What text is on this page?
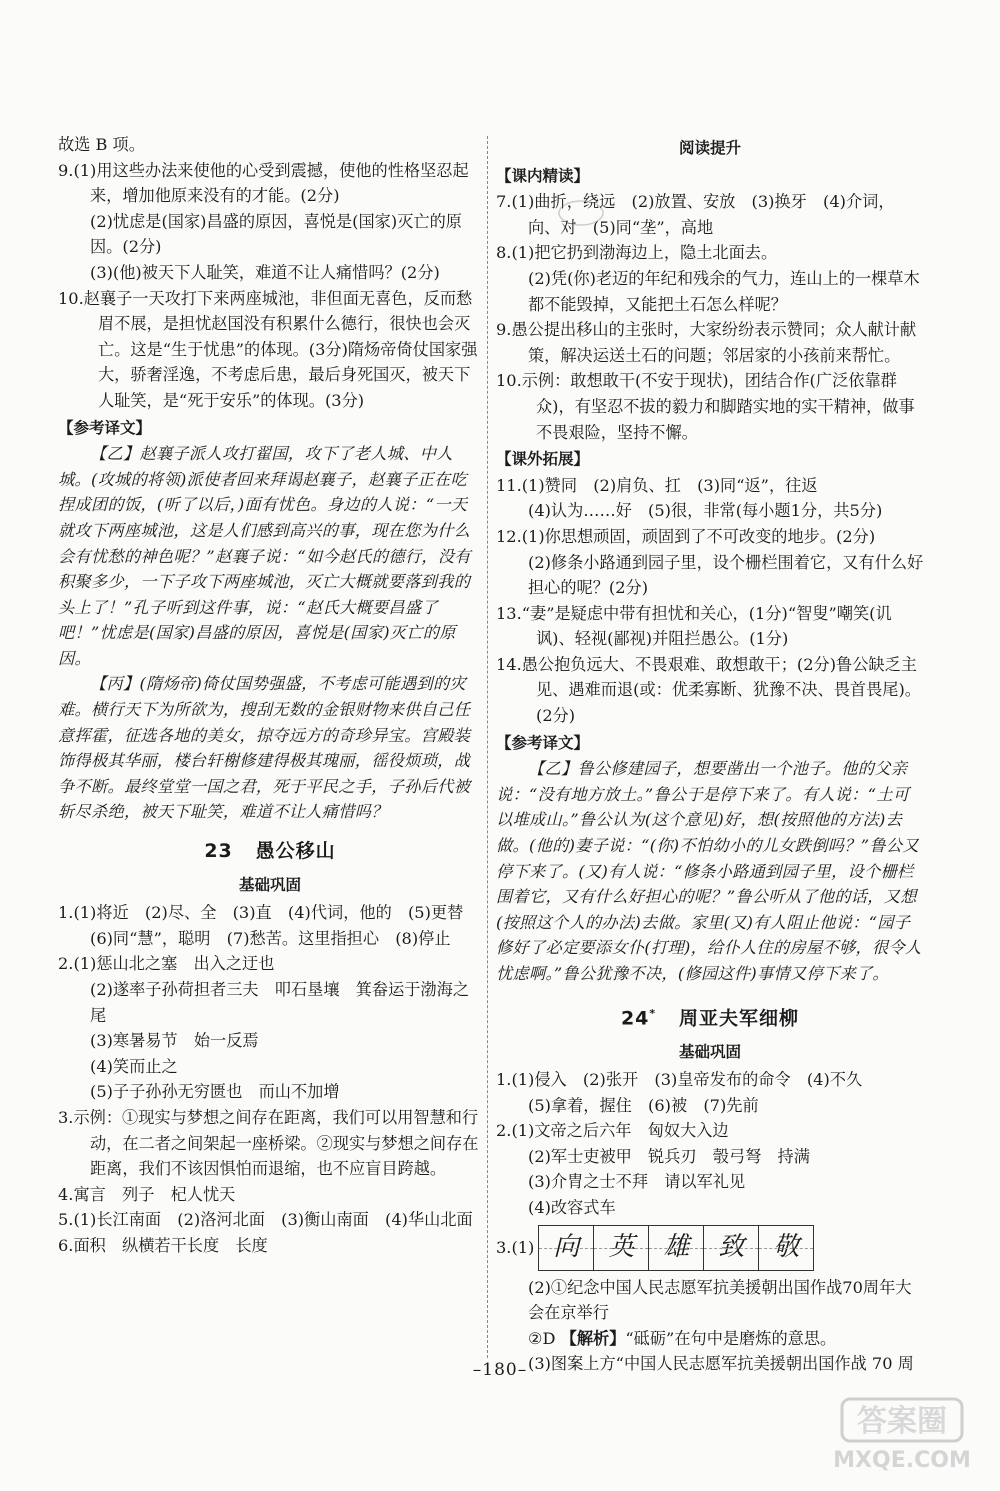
故选 B 项。

9.(1)用这些办法来使他的心受到震撼，使他的性格坚忍起来，增加他原来没有的才能。(2分)

(2)忧虑是(国家)昌盛的原因，喜悦是(国家)灭亡的原因。(2分)

(3)(他)被天下人耻笑，难道不让人痛惜吗？(2分)

10.赵襄子一天攻打下来两座城池，非但面无喜色，反而愁眉不展，是担忧赵国没有积累什么德行，很快也会灭亡。这是“生于忧患”的体现。(3分)隋炀帝倚仗国家强大，骄奢淫逸，不考虑后患，最后身死国灭，被天下人耻笑，是“死于安乐”的体现。(3分)

【参考译文】

【乙】赵襄子派人攻打翟国，攻下了老人城、中人城。(攻城的将领)派使者回来拜谒赵襄子，赵襄子正在吃捏成团的饭，(听了以后，)面有忧色。身边的人说：“一天就攻下两座城池，这是人们感到高兴的事，现在您为什么会有忧愁的神色呢？”赵襄子说：“如今赵氏的德行，没有积聚多少，一下子攻下两座城池，灭亡大概就要落到我的头上了！”孔子听到这件事，说：“赵氏大概要昌盛了吧！”忧虑是(国家)昌盛的原因，喜悦是(国家)灭亡的原因。

【丙】(隋炀帝)倚仗国势强盛，不考虑可能遇到的灾难。横行天下为所欲为，搜刮无数的金银财物来供自己任意挥霍，征选各地的美女，掠夺远方的奇珍异宝。宫殿装饰得极其华丽，楼台轩榭修建得极其瑰丽，徭役烦琐，战争不断。最终堂堂一国之君，死于平民之手，子孙后代被斩尽杀绝，被天下耻笑，难道不让人痛惜吗？

23 愚公移山
基础巩固

1.(1)将近　(2)尽、全　(3)直　(4)代词，他的　(5)更替

(6)同“慧”，聪明　(7)愁苦。这里指担心　(8)停止

2.(1)惩山北之塞　出入之迂也

(2)遂率子孙荷担者三夫　叩石垦壤　箕畚运于渤海之尾

(3)寒暑易节　始一反焉

(4)笑而止之

(5)子子孙孙无穷匮也　而山不加增

3.示例：①现实与梦想之间存在距离，我们可以用智慧和行动，在二者之间架起一座桥梁。②现实与梦想之间存在距离，我们不该因惧怕而退缩，也不应盲目跨越。

4.寓言　列子　杞人忧天

5.(1)长江南面　(2)洛河北面　(3)衡山南面　(4)华山北面

6.面积　纵横若干长度　长度

阅读提升

【课内精读】

7.(1)曲折，绕远　(2)放置、安放　(3)换牙　(4)介词，向、对　(5)同“垄”，高地

8.(1)把它扔到渤海边上，隐土北面去。

(2)凭(你)老迈的年纪和残余的气力，连山上的一棵草木都不能毁掉，又能把土石怎么样呢？

9.愚公提出移山的主张时，大家纷纷表示赞同；众人献计献策，解决运送土石的问题；邻居家的小孩前来帮忙。

10.示例：敢想敢干(不安于现状)，团结合作(广泛依靠群众)，有坚忍不拔的毅力和脚踏实地的实干精神，做事不畏艰险，坚持不懈。

【课外拓展】

11.(1)赞同　(2)肩负、扛　(3)同“返”，往返

(4)认为……好　(5)很，非常(每小题1分，共5分)

12.(1)你思想顽固，顽固到了不可改变的地步。(2分)

(2)修条小路通到园子里，设个栅栏围着它，又有什么好担心的呢？(2分)

13.“妻”是疑虑中带有担忧和关心，(1分)“智叟”嘲笑(讥讽)、轻视(鄙视)并阻拦愚公。(1分)

14.愚公抱负远大、不畏艰难、敢想敢干；(2分)鲁公缺乏主见、遇难而退(或：优柔寡断、犹豫不决、畏首畏尾)。(2分)

【参考译文】

【乙】鲁公修建园子，想要凿出一个池子。他的父亲说：“没有地方放土。”鲁公于是停下来了。有人说：“土可以堆成山。”鲁公认为(这个意见)好，想(按照他的方法)去做。(他的)妻子说：“(你)不怕幼小的儿女跌倒吗？”鲁公又停下来了。(又)有人说：“修条小路通到园子里，设个栅栏围着它，又有什么好担心的呢？”鲁公听从了他的话，又想(按照这个人的办法)去做。家里(又)有人阻止他说：“园子修好了必定要添女仆(打理)，给仆人住的房屋不够，很令人忧虑啊。”鲁公犹豫不决，(修园这件)事情又停下来了。

24* 周亚夫军细柳
基础巩固

1.(1)侵入　(2)张开　(3)皇帝发布的命令　(4)不久

(5)拿着，握住　(6)被　(7)先前

2.(1)文帝之后六年　匈奴大入边

(2)军士吏被甲　锐兵刃　彀弓弩　持满

(3)介胄之士不拜　请以军礼见

(4)改容式车

3.(1) 向	英	雄	致	敬

(2)①纪念中国人民志愿军抗美援朝出国作战70周年大会在京举行

②D 【解析】“砥砺”在句中是磨炼的意思。

(3)图案上方“中国人民志愿军抗美援朝出国作战 70 周

–180–
答案圈
MXQE.COM
